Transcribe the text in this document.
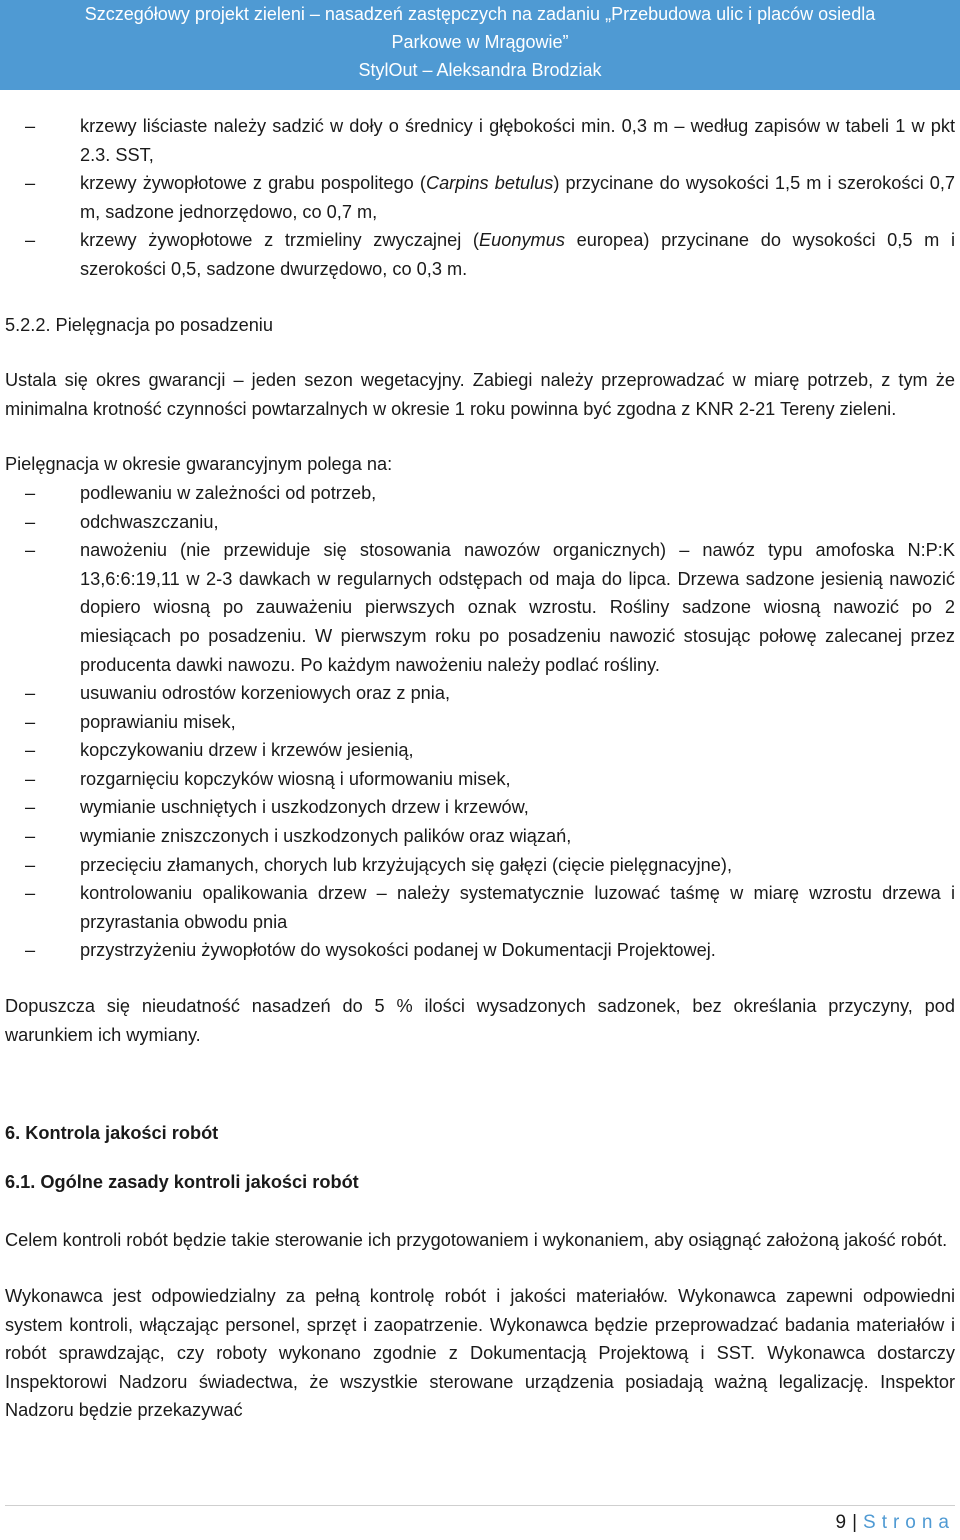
Szczegółowy projekt zieleni – nasadzeń zastępczych na zadaniu „Przebudowa ulic i placów osiedla
Parkowe w Mrągowie”
StylOut – Aleksandra Brodziak
–	krzewy liściaste należy sadzić w doły o średnicy i głębokości min. 0,3 m – według zapisów w tabeli 1 w pkt 2.3. SST,
–	krzewy żywopłotowe z grabu pospolitego (Carpins betulus) przycinane do wysokości 1,5 m i szerokości 0,7 m, sadzone jednorzędowo, co 0,7 m,
–	krzewy żywopłotowe z trzmieliny zwyczajnej (Euonymus europea) przycinane do wysokości 0,5 m i szerokości 0,5, sadzone dwurzędowo, co 0,3 m.

5.2.2. Pielęgnacja po posadzeniu

Ustala się okres gwarancji – jeden sezon wegetacyjny. Zabiegi należy przeprowadzać w miarę potrzeb, z tym że minimalna krotność czynności powtarzalnych w okresie 1 roku powinna być zgodna z KNR 2-21 Tereny zieleni.

Pielęgnacja w okresie gwarancyjnym polega na:

–	podlewaniu w zależności od potrzeb,
–	odchwaszczaniu,
–	nawożeniu (nie przewiduje się stosowania nawozów organicznych) – nawóz typu amofoska N:P:K 13,6:6:19,11 w 2-3 dawkach w regularnych odstępach od maja do lipca. Drzewa sadzone jesienią nawozić dopiero wiosną po zauważeniu pierwszych oznak wzrostu. Rośliny sadzone wiosną nawozić po 2 miesiącach po posadzeniu. W pierwszym roku po posadzeniu nawozić stosując połowę zalecanej przez producenta dawki nawozu. Po każdym nawożeniu należy podlać rośliny.
–	usuwaniu odrostów korzeniowych oraz z pnia,
–	poprawianiu misek,
–	kopczykowaniu drzew i krzewów jesienią,
–	rozgarnięciu kopczyków wiosną i uformowaniu misek,
–	wymianie uschniętych i uszkodzonych drzew i krzewów,
–	wymianie zniszczonych i uszkodzonych palików oraz wiązań,
–	przecięciu złamanych, chorych lub krzyżujących się gałęzi (cięcie pielęgnacyjne),
–	kontrolowaniu opalikowania drzew – należy systematycznie luzować taśmę w miarę wzrostu drzewa i przyrastania obwodu pnia
–	przystrzyżeniu żywopłotów do wysokości podanej w Dokumentacji Projektowej.

Dopuszcza się nieudatność nasadzeń do 5 % ilości wysadzonych sadzonek, bez określania przyczyny, pod warunkiem ich wymiany.

6. Kontrola jakości robót

6.1. Ogólne zasady kontroli jakości robót

Celem kontroli robót będzie takie sterowanie ich przygotowaniem i wykonaniem, aby osiągnąć założoną jakość robót.

Wykonawca jest odpowiedzialny za pełną kontrolę robót i jakości materiałów. Wykonawca zapewni odpowiedni system kontroli, włączając personel, sprzęt i zaopatrzenie. Wykonawca będzie przeprowadzać badania materiałów i robót sprawdzając, czy roboty wykonano zgodnie z Dokumentacją Projektową i SST. Wykonawca dostarczy Inspektorowi Nadzoru świadectwa, że wszystkie sterowane urządzenia posiadają ważną legalizację. Inspektor Nadzoru będzie przekazywać

9 | Strona
